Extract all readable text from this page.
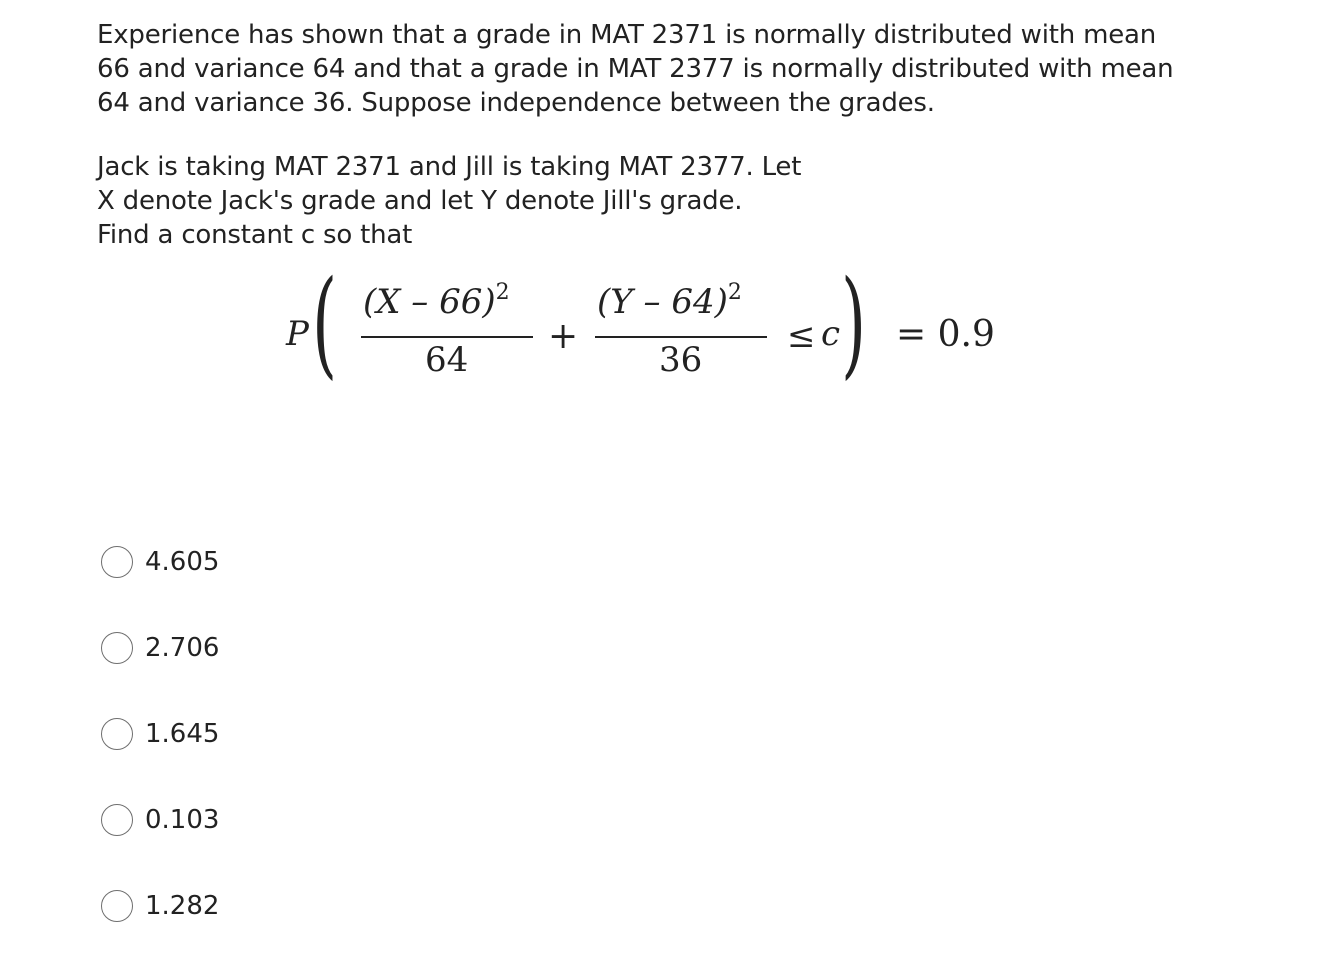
Experience has shown that a grade in MAT 2371 is normally distributed with mean
66 and variance 64 and that a grade in MAT 2377 is normally distributed with mean
64 and variance 36. Suppose independence between the grades.

Jack is taking MAT 2371 and Jill is taking MAT 2377. Let
X denote Jack's grade and let Y denote Jill's grade.
Find a constant c so that

P ( (X – 66)$^2$
64
+
(Y – 64)$^2$
36
≤ c ) = 0.9
4.605
2.706
1.645
0.103
1.282
